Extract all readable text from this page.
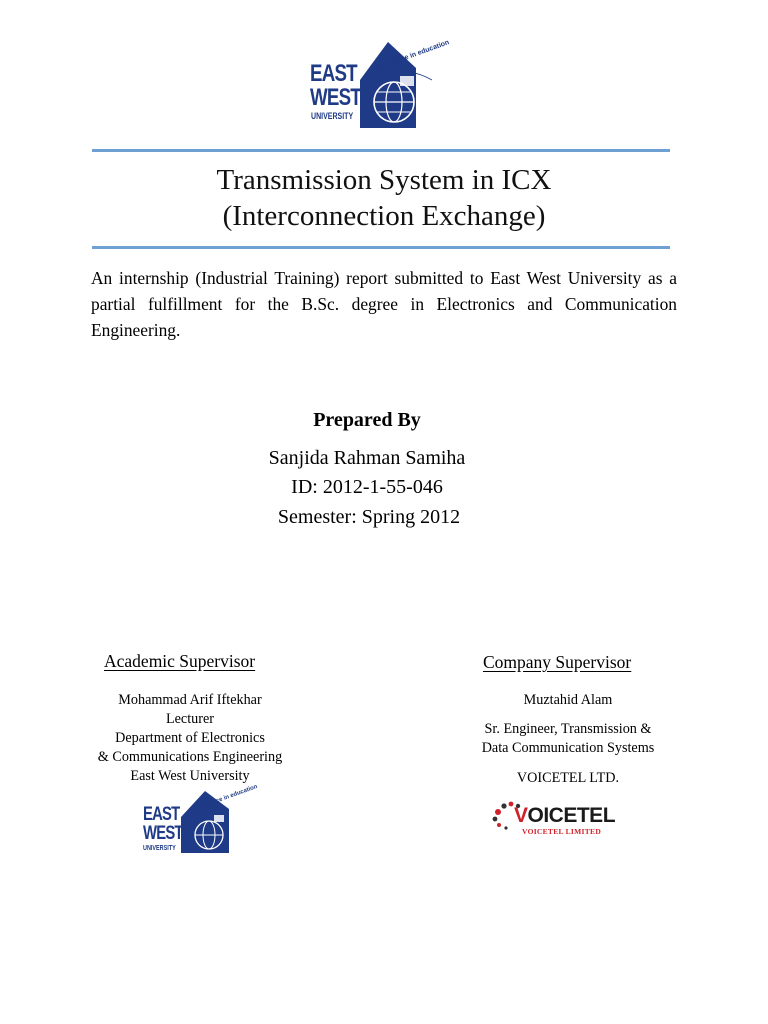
EAST
WEST
UNIVERSITY
excellence in education
Transmission System in ICX
(Interconnection Exchange)
An internship (Industrial Training) report submitted to East West University as a partial fulfillment for the B.Sc. degree in Electronics and Communication Engineering.
Prepared By
Sanjida Rahman Samiha
ID: 2012-1-55-046
Semester: Spring 2012
Academic Supervisor
Mohammad Arif Iftekhar
Lecturer
Department of Electronics
& Communications Engineering
East West University
EAST
WEST
UNIVERSITY
excellence in education
Company Supervisor
Muztahid Alam
Sr. Engineer, Transmission &
Data Communication Systems
VOICETEL LTD.
VOICETEL
VOICETEL LIMITED
